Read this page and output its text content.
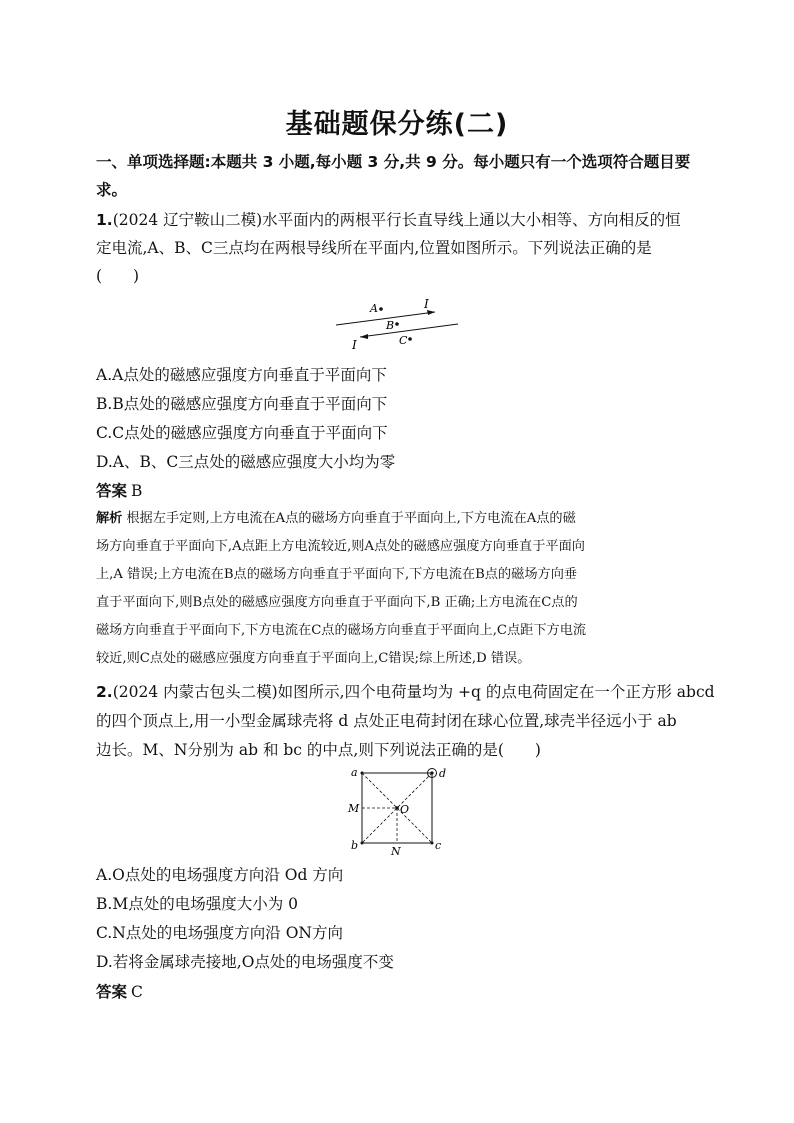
基础题保分练(二)
一、单项选择题:本题共 3 小题,每小题 3 分,共 9 分。每小题只有一个选项符合题目要
求。
1.(2024 辽宁鞍山二模)水平面内的两根平行长直导线上通以大小相等、方向相反的恒
定电流,A、B、C三点均在两根导线所在平面内,位置如图所示。下列说法正确的是
(　　)
I
I
A
B
C
A.A点处的磁感应强度方向垂直于平面向下
B.B点处的磁感应强度方向垂直于平面向下
C.C点处的磁感应强度方向垂直于平面向下
D.A、B、C三点处的磁感应强度大小均为零
答案 B
解析 根据左手定则,上方电流在A点的磁场方向垂直于平面向上,下方电流在A点的磁
场方向垂直于平面向下,A点距上方电流较近,则A点处的磁感应强度方向垂直于平面向
上,A 错误;上方电流在B点的磁场方向垂直于平面向下,下方电流在B点的磁场方向垂
直于平面向下,则B点处的磁感应强度方向垂直于平面向下,B 正确;上方电流在C点的
磁场方向垂直于平面向下,下方电流在C点的磁场方向垂直于平面向上,C点距下方电流
较近,则C点处的磁感应强度方向垂直于平面向上,C错误;综上所述,D 错误。
2.(2024 内蒙古包头二模)如图所示,四个电荷量均为 +q 的点电荷固定在一个正方形 abcd
的四个顶点上,用一小型金属球壳将 d 点处正电荷封闭在球心位置,球壳半径远小于 ab
边长。M、N分别为 ab 和 bc 的中点,则下列说法正确的是(　　)
a	d
b	c
M	O
N
A.O点处的电场强度方向沿 Od 方向
B.M点处的电场强度大小为 0
C.N点处的电场强度方向沿 ON方向
D.若将金属球壳接地,O点处的电场强度不变
答案 C
